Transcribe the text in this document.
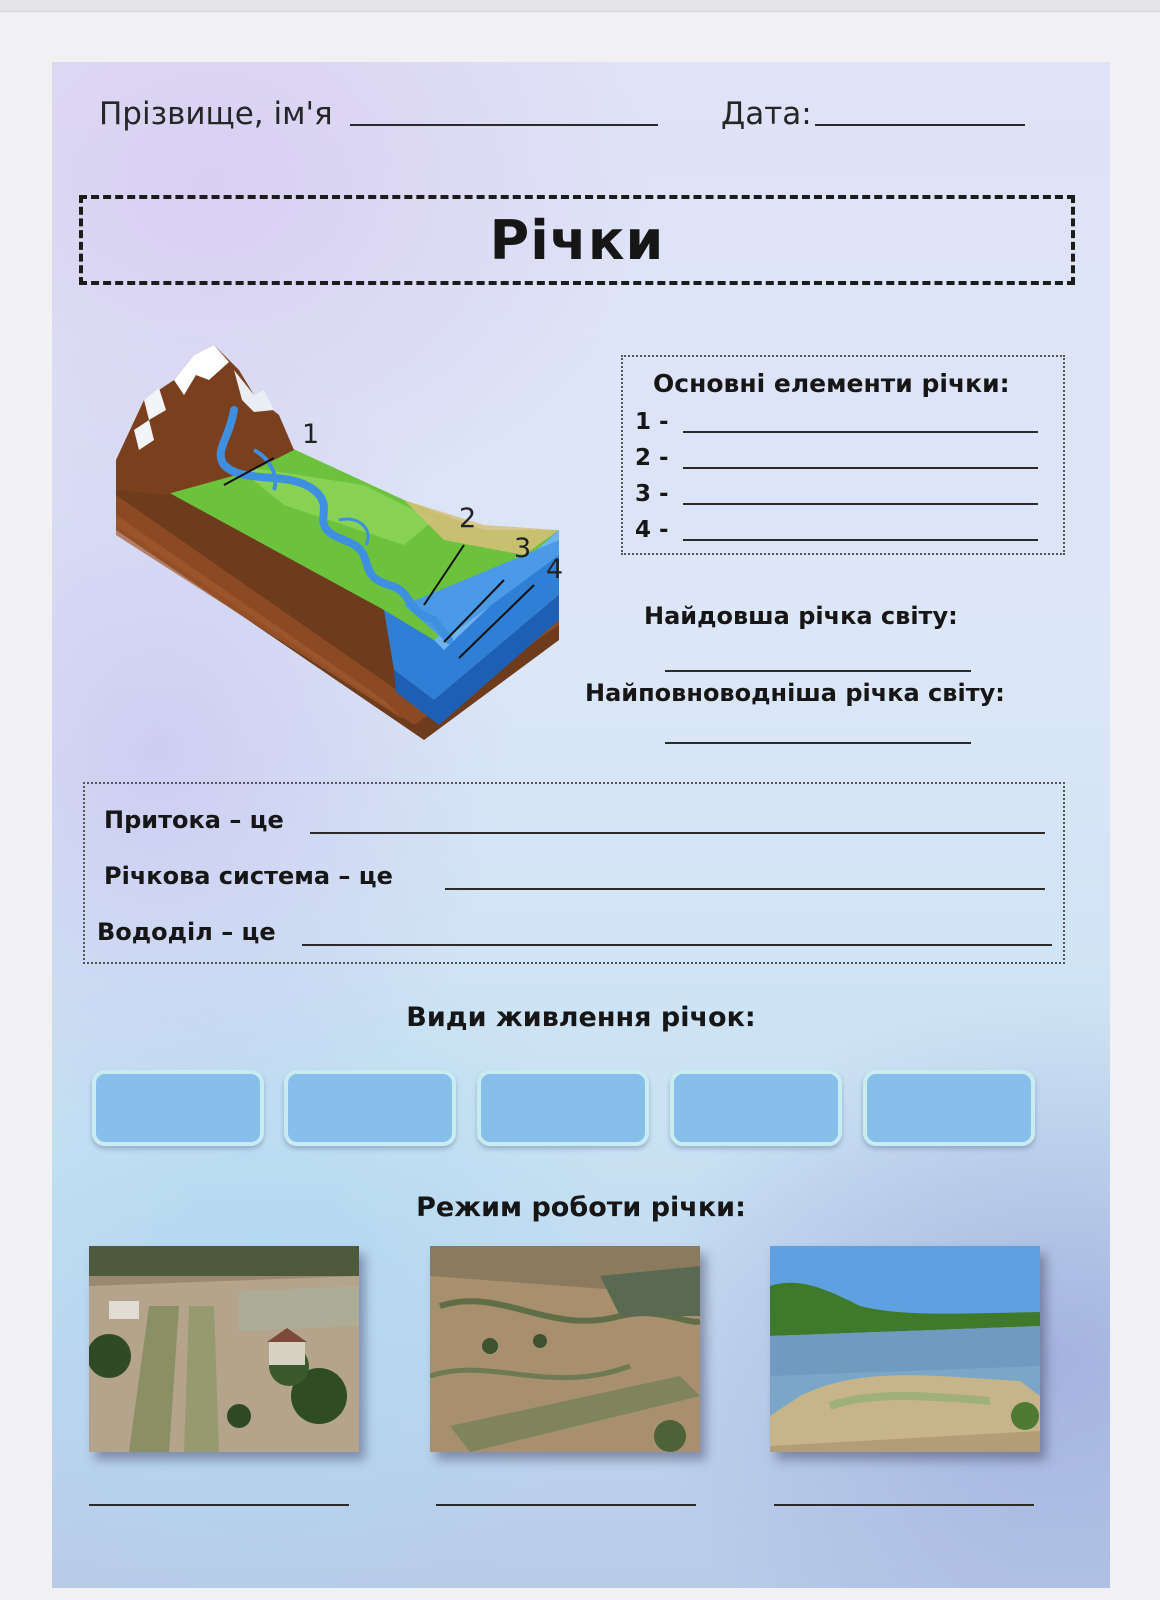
Прізвище, ім'я	Дата:
Річки
1
2
3
4
Основні елементи річки:
1 -
2 -
3 -
4 -
Найдовша річка світу:
Найповноводніша річка світу:
Притока – це
Річкова система – це
Вододіл – це
Види живлення річок:
Режим роботи річки:
